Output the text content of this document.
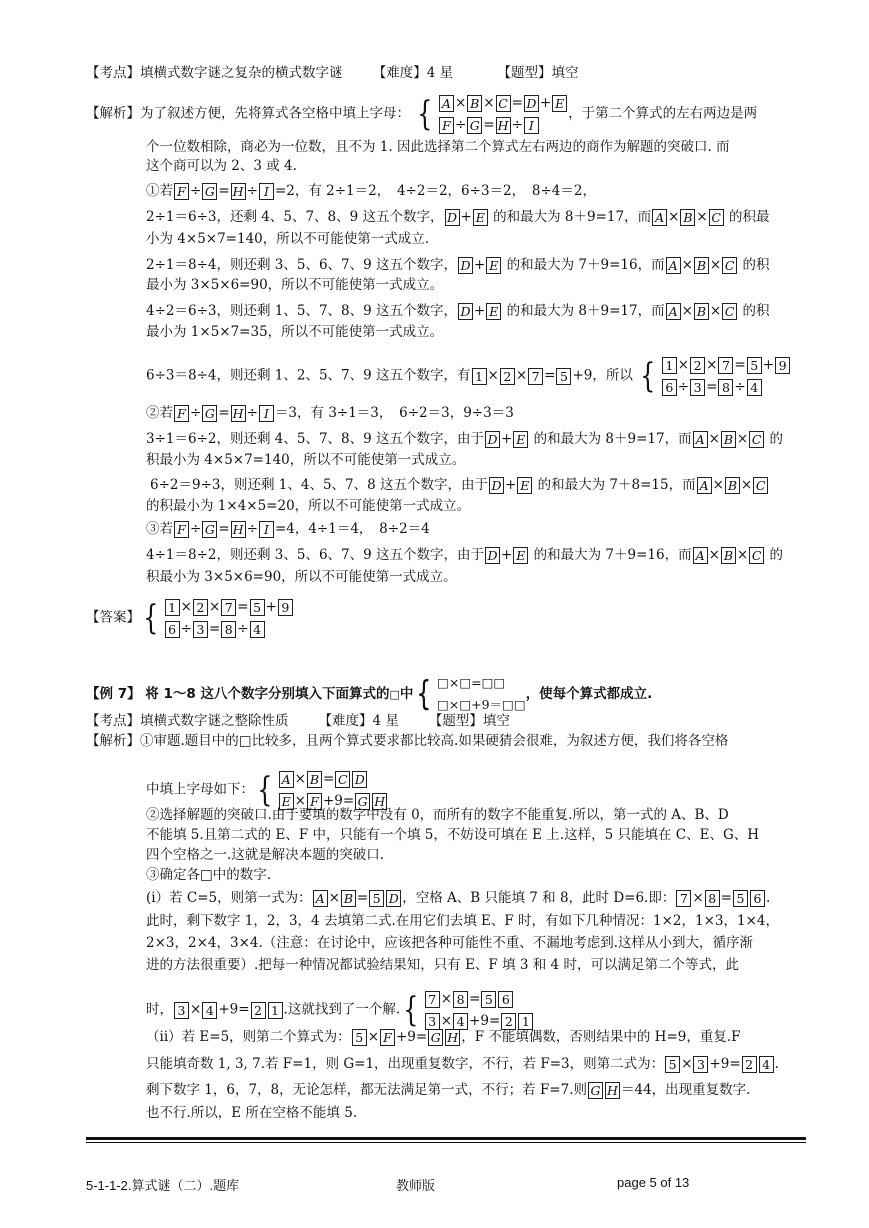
【考点】填横式数字谜之复杂的横式数字谜 【难度】4 星	【题型】填空
【解析】为了叙述方便，先将算式各空格中填上字母： { A × B × C = D + E
F ÷ G = H ÷ I
，于第二个算式的左右两边是两
个一位数相除，商必为一位数，且不为 1. 因此选择第二个算式左右两边的商作为解题的突破口. 而
这个商可以为 2、3 或 4.
①若 F ÷ G = H ÷ I =2，有 2÷1＝2，　4÷2＝2，6÷3＝2，　8÷4＝2，
2÷1＝6÷3，还剩 4、5、7、8、9 这五个数字， D + E 的和最大为 8＋9=17，而 A × B × C 的积最
小为 4×5×7=140，所以不可能使第一式成立.
2÷1＝8÷4，则还剩 3、5、6、7、9 这五个数字， D + E 的和最大为 7＋9=16，而 A × B × C 的积
最小为 3×5×6=90，所以不可能使第一式成立。
4÷2＝6÷3，则还剩 1、5、7、8、9 这五个数字， D + E 的和最大为 8＋9=17，而 A × B × C 的积
最小为 1×5×7=35，所以不可能使第一式成立。
6÷3＝8÷4，则还剩 1、2、5、7、9 这五个数字，有 1 × 2 × 7 = 5 +9，所以 { 1 × 2 × 7 = 5 + 9
6 ÷ 3 = 8 ÷ 4
②若 F ÷ G = H ÷ I ＝3，有 3÷1＝3，　6÷2＝3，9÷3＝3
3÷1＝6÷2，则还剩 4、5、7、8、9 这五个数字，由于 D + E 的和最大为 8＋9=17，而 A × B × C 的
积最小为 4×5×7=140，所以不可能使第一式成立。
6÷2＝9÷3，则还剩 1、4、5、7、8 这五个数字，由于 D + E 的和最大为 7＋8=15，而 A × B × C
的积最小为 1×4×5=20，所以不可能使第一式成立。
③若 F ÷ G = H ÷ I =4，4÷1＝4，　8÷2＝4
4÷1＝8÷2，则还剩 3、5、6、7、9 这五个数字，由于 D + E 的和最大为 7＋9=16，而 A × B × C 的
积最小为 3×5×6=90，所以不可能使第一式成立。
【答案】{ 1 × 2 × 7 = 5 + 9
6 ÷ 3 = 8 ÷ 4
【例 7】 将 1～8 这八个数字分别填入下面算式的□中{ □×□=□□
□×□+9＝□□
，使每个算式都成立.
【考点】填横式数字谜之整除性质 【难度】4 星 【题型】填空
【解析】①审题.题目中的□比较多，且两个算式要求都比较高.如果硬猜会很难，为叙述方便，我们将各空格
中填上字母如下：{ A × B = C D
E × F +9= G H
②选择解题的突破口.由于要填的数字中没有 0，而所有的数字不能重复.所以，第一式的 A、B、D
不能填 5.且第二式的 E、F 中，只能有一个填 5，不妨设可填在 E 上.这样，5 只能填在 C、E、G、H
四个空格之一.这就是解决本题的突破口.
③确定各□中的数字.
(i）若 C=5，则第一式为： A × B = 5 D ，空格 A、B 只能填 7 和 8，此时 D=6.即： 7 × 8 = 5 6 .
此时，剩下数字 1，2，3，4 去填第二式.在用它们去填 E、F 时，有如下几种情况：1×2，1×3，1×4，
2×3，2×4，3×4.（注意：在讨论中，应该把各种可能性不重、不漏地考虑到.这样从小到大，循序渐
进的方法很重要）.把每一种情况都试验结果知，只有 E、F 填 3 和 4 时，可以满足第二个等式，此
时， 3 × 4 +9= 2 1 .这就找到了一个解.{ 7 × 8 = 5 6
3 × 4 +9= 2 1
（ii）若 E=5，则第二个算式为： 5 × F +9= G H ，F 不能填偶数，否则结果中的 H=9，重复.F
只能填奇数 1, 3, 7.若 F=1，则 G=1，出现重复数字，不行，若 F=3，则第二式为： 5 × 3 +9= 2 4 .
剩下数字 1，6，7，8，无论怎样，都无法满足第一式，不行；若 F=7.则 G H ＝44，出现重复数字.
也不行.所以，E 所在空格不能填 5.
5-1-1-2.算式谜（二）.题库	教师版	page 5 of 13
